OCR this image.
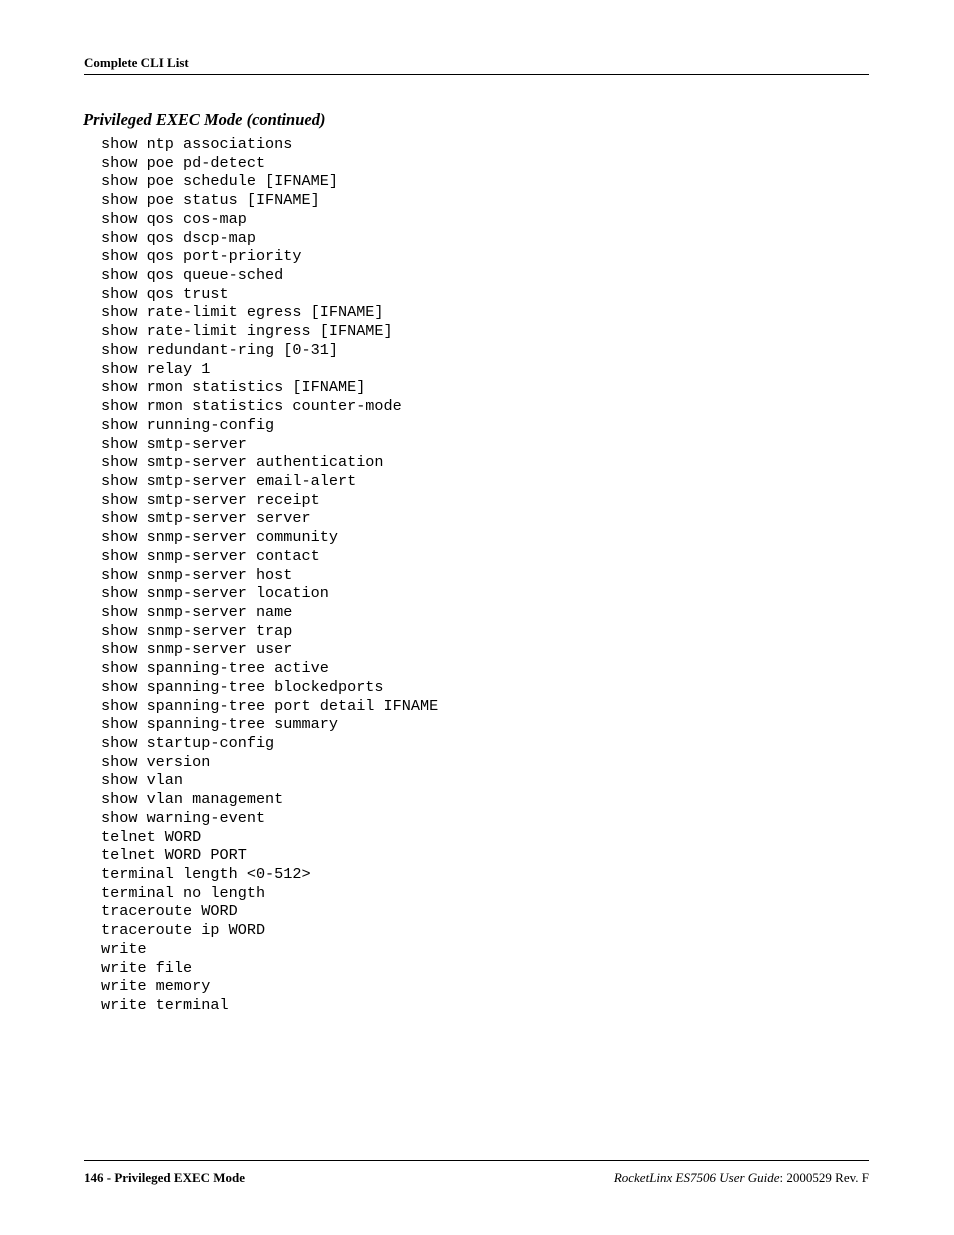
Complete CLI List
Privileged EXEC Mode (continued)
show ntp associations
show poe pd-detect
show poe schedule [IFNAME]
show poe status [IFNAME]
show qos cos-map
show qos dscp-map
show qos port-priority
show qos queue-sched
show qos trust
show rate-limit egress [IFNAME]
show rate-limit ingress [IFNAME]
show redundant-ring [0-31]
show relay 1
show rmon statistics [IFNAME]
show rmon statistics counter-mode
show running-config
show smtp-server
show smtp-server authentication
show smtp-server email-alert
show smtp-server receipt
show smtp-server server
show snmp-server community
show snmp-server contact
show snmp-server host
show snmp-server location
show snmp-server name
show snmp-server trap
show snmp-server user
show spanning-tree active
show spanning-tree blockedports
show spanning-tree port detail IFNAME
show spanning-tree summary
show startup-config
show version
show vlan
show vlan management
show warning-event
telnet WORD
telnet WORD PORT
terminal length <0-512>
terminal no length
traceroute WORD
traceroute ip WORD
write
write file
write memory
write terminal
146 - Privileged EXEC Mode	RocketLinx ES7506 User Guide: 2000529 Rev. F
